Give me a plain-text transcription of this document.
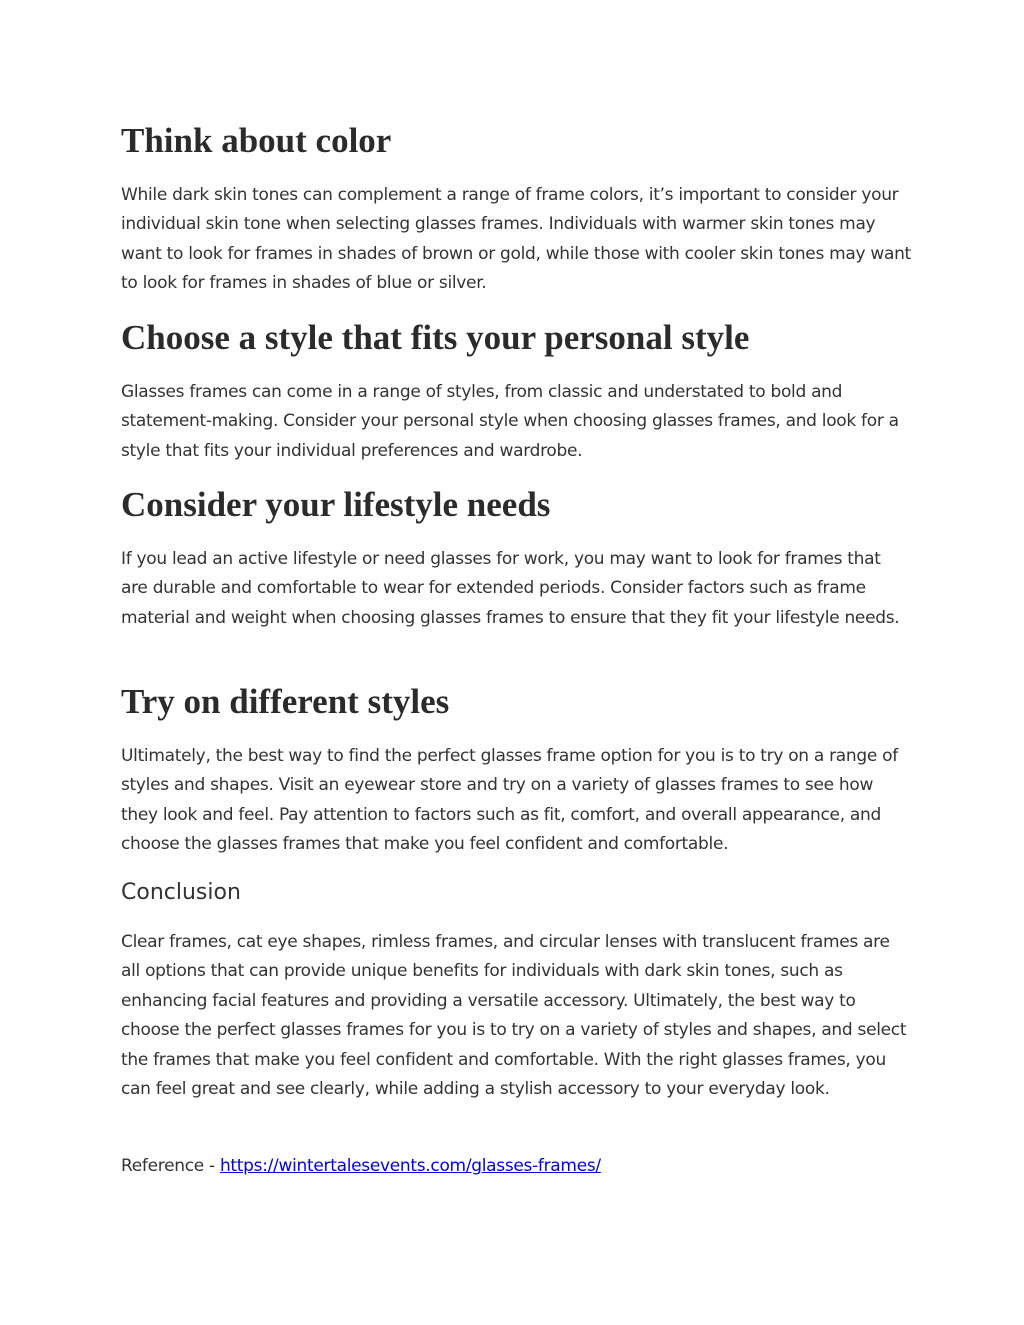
Think about color

While dark skin tones can complement a range of frame colors, it’s important to consider your individual skin tone when selecting glasses frames. Individuals with warmer skin tones may want to look for frames in shades of brown or gold, while those with cooler skin tones may want to look for frames in shades of blue or silver.

Choose a style that fits your personal style

Glasses frames can come in a range of styles, from classic and understated to bold and statement-making. Consider your personal style when choosing glasses frames, and look for a style that fits your individual preferences and wardrobe.

Consider your lifestyle needs

If you lead an active lifestyle or need glasses for work, you may want to look for frames that are durable and comfortable to wear for extended periods. Consider factors such as frame material and weight when choosing glasses frames to ensure that they fit your lifestyle needs.

Try on different styles

Ultimately, the best way to find the perfect glasses frame option for you is to try on a range of styles and shapes. Visit an eyewear store and try on a variety of glasses frames to see how they look and feel. Pay attention to factors such as fit, comfort, and overall appearance, and choose the glasses frames that make you feel confident and comfortable.

Conclusion

Clear frames, cat eye shapes, rimless frames, and circular lenses with translucent frames are all options that can provide unique benefits for individuals with dark skin tones, such as enhancing facial features and providing a versatile accessory. Ultimately, the best way to choose the perfect glasses frames for you is to try on a variety of styles and shapes, and select the frames that make you feel confident and comfortable. With the right glasses frames, you can feel great and see clearly, while adding a stylish accessory to your everyday look.

Reference - https://wintertalesevents.com/glasses-frames/
